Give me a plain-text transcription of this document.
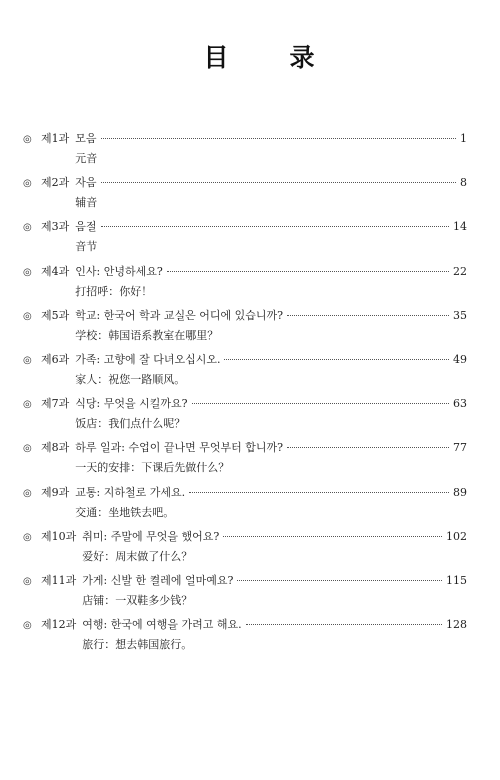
目　录
◎ 제1과 모음	1
元音
◎ 제2과 자음	8
辅音
◎ 제3과 음절	14
音节
◎ 제4과 인사: 안녕하세요?	22
打招呼：你好！
◎ 제5과 학교: 한국어 학과 교실은 어디에 있습니까?	35
学校：韩国语系教室在哪里？
◎ 제6과 가족: 고향에 잘 다녀오십시오.	49
家人：祝您一路顺风。
◎ 제7과 식당: 무엇을 시킬까요?	63
饭店：我们点什么呢？
◎ 제8과 하루 일과: 수업이 끝나면 무엇부터 합니까?	77
一天的安排：下课后先做什么？
◎ 제9과 교통: 지하철로 가세요.	89
交通：坐地铁去吧。
◎ 제10과 취미: 주말에 무엇을 했어요?	102
爱好：周末做了什么？
◎ 제11과 가게: 신발 한 켤레에 얼마예요?	115
店铺：一双鞋多少钱？
◎ 제12과 여행: 한국에 여행을 가려고 해요.	128
旅行：想去韩国旅行。
